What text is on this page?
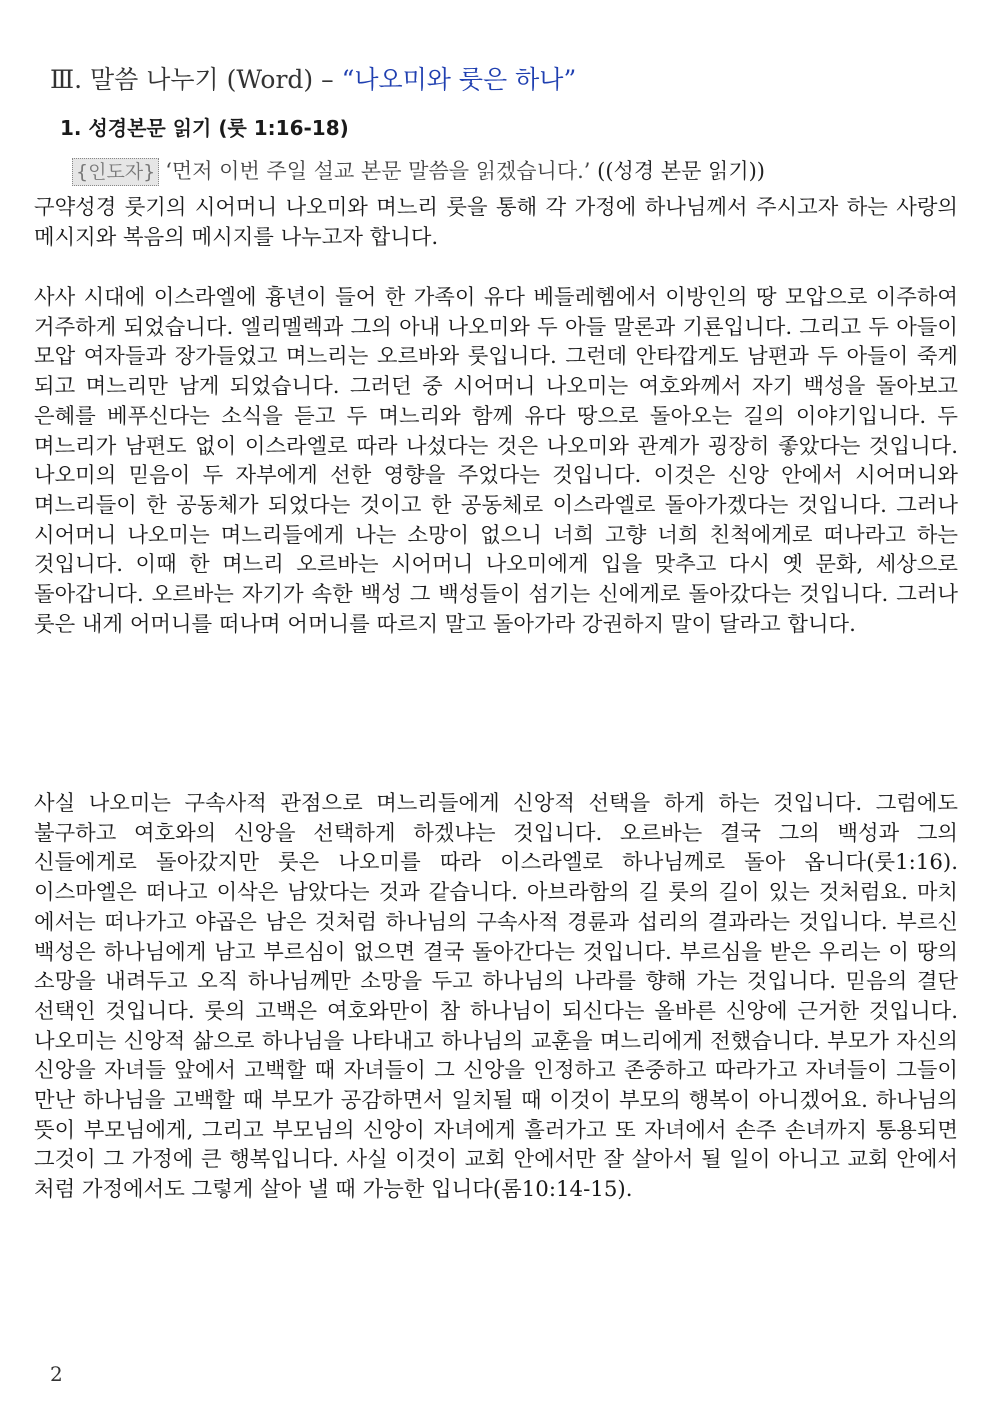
Ⅲ. 말씀 나누기 (Word) – “나오미와 룻은 하나”
1. 성경본문 읽기 (룻 1:16-18)
{인도자} ‘먼저 이번 주일 설교 본문 말씀을 읽겠습니다.’ ((성경 본문 읽기))

구약성경 룻기의 시어머니 나오미와 며느리 룻을 통해 각 가정에 하나님께서 주시고자 하는 사랑의 메시지와 복음의 메시지를 나누고자 합니다.

사사 시대에 이스라엘에 흉년이 들어 한 가족이 유다 베들레헴에서 이방인의 땅 모압으로 이주하여 거주하게 되었습니다. 엘리멜렉과 그의 아내 나오미와 두 아들 말론과 기룐입니다. 그리고 두 아들이 모압 여자들과 장가들었고 며느리는 오르바와 룻입니다. 그런데 안타깝게도 남편과 두 아들이 죽게 되고 며느리만 남게 되었습니다. 그러던 중 시어머니 나오미는 여호와께서 자기 백성을 돌아보고 은혜를 베푸신다는 소식을 듣고 두 며느리와 함께 유다 땅으로 돌아오는 길의 이야기입니다. 두 며느리가 남편도 없이 이스라엘로 따라 나섰다는 것은 나오미와 관계가 굉장히 좋았다는 것입니다. 나오미의 믿음이 두 자부에게 선한 영향을 주었다는 것입니다. 이것은 신앙 안에서 시어머니와 며느리들이 한 공동체가 되었다는 것이고 한 공동체로 이스라엘로 돌아가겠다는 것입니다. 그러나 시어머니 나오미는 며느리들에게 나는 소망이 없으니 너희 고향 너희 친척에게로 떠나라고 하는 것입니다. 이때 한 며느리 오르바는 시어머니 나오미에게 입을 맞추고 다시 옛 문화, 세상으로 돌아갑니다. 오르바는 자기가 속한 백성 그 백성들이 섬기는 신에게로 돌아갔다는 것입니다. 그러나 룻은 내게 어머니를 떠나며 어머니를 따르지 말고 돌아가라 강권하지 말이 달라고 합니다.

사실 나오미는 구속사적 관점으로 며느리들에게 신앙적 선택을 하게 하는 것입니다. 그럼에도 불구하고 여호와의 신앙을 선택하게 하겠냐는 것입니다. 오르바는 결국 그의 백성과 그의 신들에게로 돌아갔지만 룻은 나오미를 따라 이스라엘로 하나님께로 돌아 옵니다(룻1:16). 이스마엘은 떠나고 이삭은 남았다는 것과 같습니다. 아브라함의 길 룻의 길이 있는 것처럼요. 마치 에서는 떠나가고 야곱은 남은 것처럼 하나님의 구속사적 경륜과 섭리의 결과라는 것입니다. 부르신 백성은 하나님에게 남고 부르심이 없으면 결국 돌아간다는 것입니다. 부르심을 받은 우리는 이 땅의 소망을 내려두고 오직 하나님께만 소망을 두고 하나님의 나라를 향해 가는 것입니다. 믿음의 결단 선택인 것입니다. 룻의 고백은 여호와만이 참 하나님이 되신다는 올바른 신앙에 근거한 것입니다. 나오미는 신앙적 삶으로 하나님을 나타내고 하나님의 교훈을 며느리에게 전했습니다. 부모가 자신의 신앙을 자녀들 앞에서 고백할 때 자녀들이 그 신앙을 인정하고 존중하고 따라가고 자녀들이 그들이 만난 하나님을 고백할 때 부모가 공감하면서 일치될 때 이것이 부모의 행복이 아니겠어요. 하나님의 뜻이 부모님에게, 그리고 부모님의 신앙이 자녀에게 흘러가고 또 자녀에서 손주 손녀까지 통용되면 그것이 그 가정에 큰 행복입니다. 사실 이것이 교회 안에서만 잘 살아서 될 일이 아니고 교회 안에서 처럼 가정에서도 그렇게 살아 낼 때 가능한 입니다(롬10:14-15).

2
